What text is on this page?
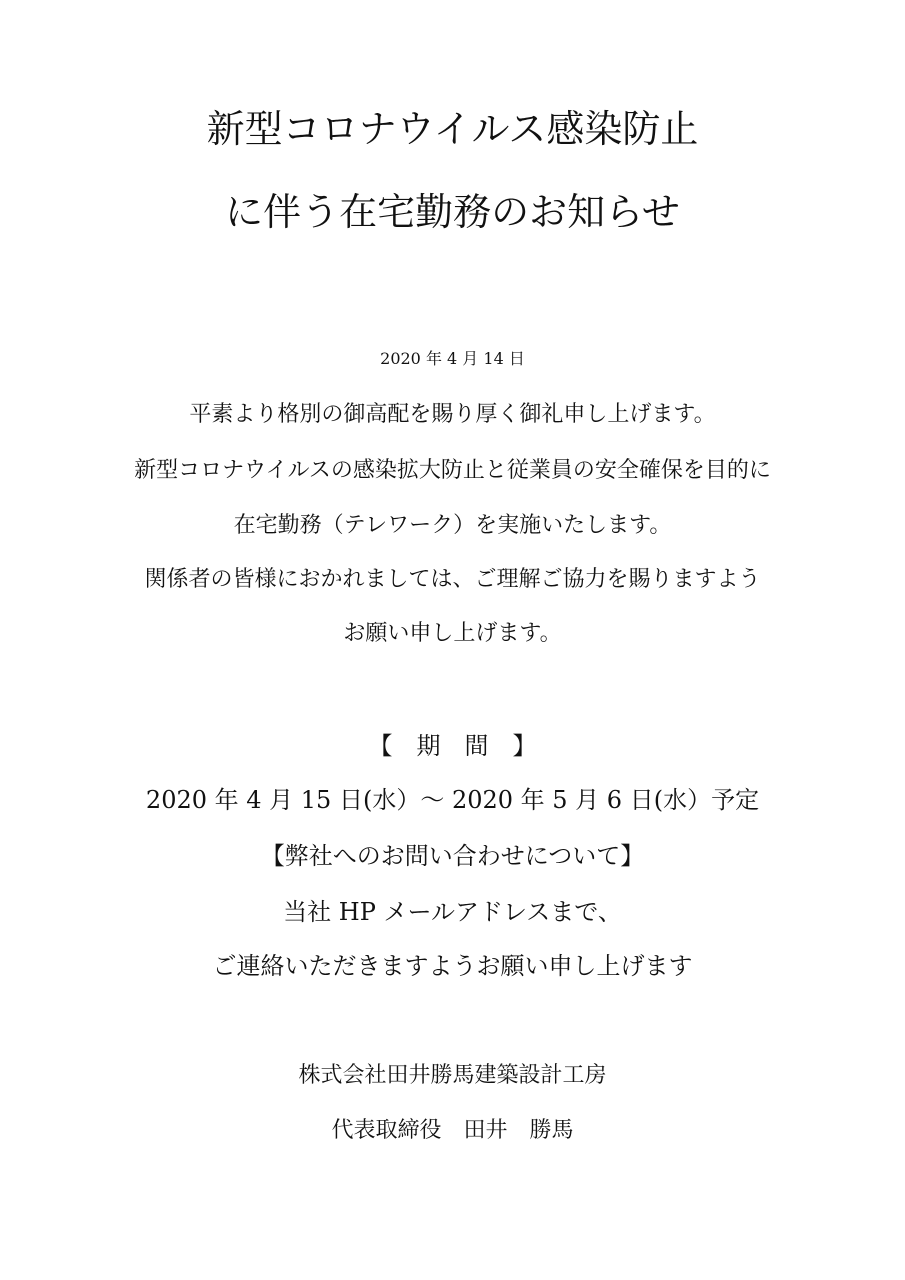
新型コロナウイルス感染防止
に伴う在宅勤務のお知らせ
2020 年 4 月 14 日
平素より格別の御高配を賜り厚く御礼申し上げます。
新型コロナウイルスの感染拡大防止と従業員の安全確保を目的に
在宅勤務（テレワーク）を実施いたします。
関係者の皆様におかれましては、ご理解ご協力を賜りますよう
お願い申し上げます。
【　期　間　】
2020 年 4 月 15 日(水）～ 2020 年 5 月 6 日(水）予定
【弊社へのお問い合わせについて】
当社 HP メールアドレスまで、
ご連絡いただきますようお願い申し上げます
株式会社田井勝馬建築設計工房
代表取締役　田井　勝馬
